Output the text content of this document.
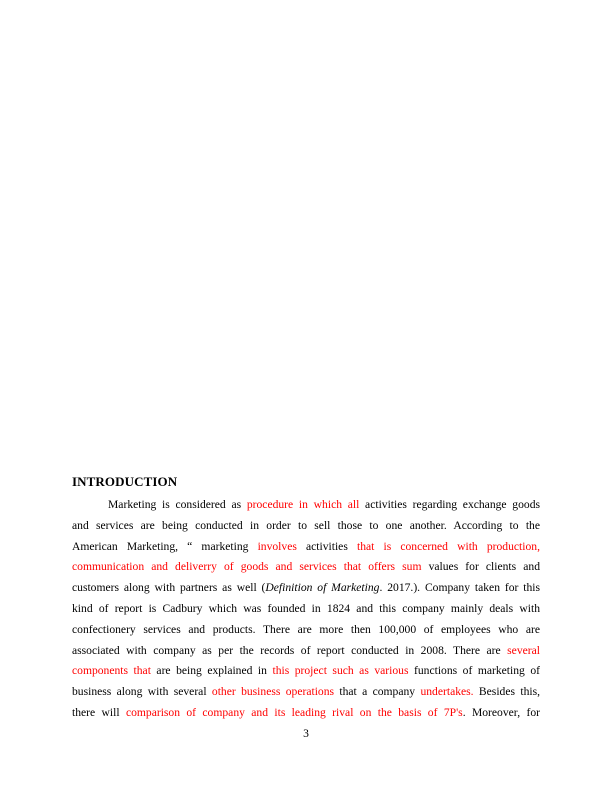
INTRODUCTION
Marketing is considered as procedure in which all activities regarding exchange goods
and services are being conducted in order to sell those to one another. According to the
American Marketing, “ marketing involves activities that is concerned with production,
communication and deliverry of goods and services that offers sum values for clients and
customers along with partners as well (Definition of Marketing. 2017.). Company taken for this
kind of report is Cadbury which was founded in 1824 and this company mainly deals with
confectionery services and products. There are more then 100,000 of employees who are
associated with company as per the records of report conducted in 2008. There are several
components that are being explained in this project such as various functions of marketing of
business along with several other business operations that a company undertakes. Besides this,
there will comparison of company and its leading rival on the basis of 7P's. Moreover, for
3
